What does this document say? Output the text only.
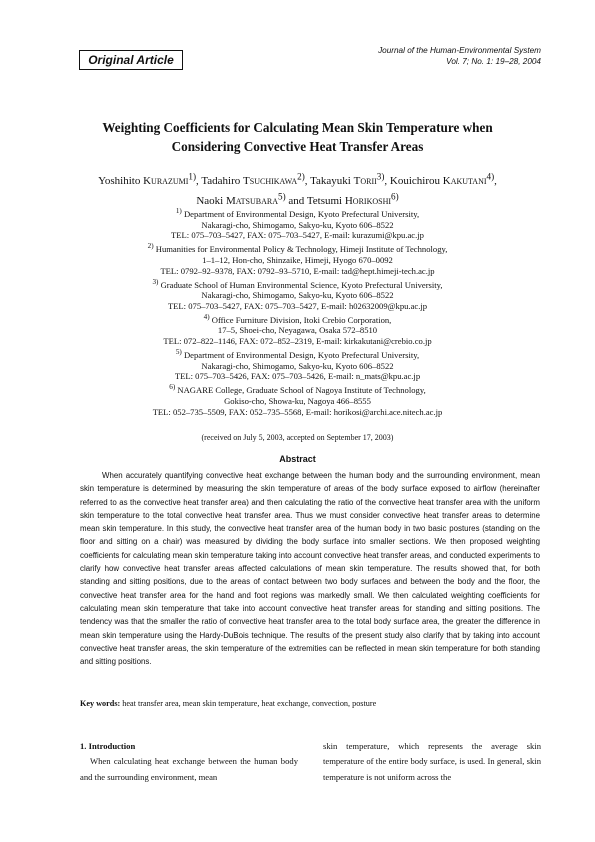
Original Article
Journal of the Human-Environmental System
Vol. 7; No. 1: 19–28, 2004
Weighting Coefficients for Calculating Mean Skin Temperature when
Considering Convective Heat Transfer Areas
Yoshihito Kurazumi$^{1)}$, Tadahiro Tsuchikawa$^{2)}$, Takayuki Torii$^{3)}$, Kouichirou Kakutani$^{4)}$,
Naoki Matsubara$^{5)}$ and Tetsumi Horikoshi$^{6)}$
$^{1)}$ Department of Environmental Design, Kyoto Prefectural University,
Nakaragi-cho, Shimogamo, Sakyo-ku, Kyoto 606–8522
TEL: 075–703–5427, FAX: 075–703–5427, E-mail: kurazumi@kpu.ac.jp
$^{2)}$ Humanities for Environmental Policy & Technology, Himeji Institute of Technology,
1–1–12, Hon-cho, Shinzaike, Himeji, Hyogo 670–0092
TEL: 0792–92–9378, FAX: 0792–93–5710, E-mail: tad@hept.himeji-tech.ac.jp
$^{3)}$ Graduate School of Human Environmental Science, Kyoto Prefectural University,
Nakaragi-cho, Shimogamo, Sakyo-ku, Kyoto 606–8522
TEL: 075–703–5427, FAX: 075–703–5427, E-mail: h02632009@kpu.ac.jp
$^{4)}$ Office Furniture Division, Itoki Crebio Corporation,
17–5, Shoei-cho, Neyagawa, Osaka 572–8510
TEL: 072–822–1146, FAX: 072–852–2319, E-mail: kirkakutani@crebio.co.jp
$^{5)}$ Department of Environmental Design, Kyoto Prefectural University,
Nakaragi-cho, Shimogamo, Sakyo-ku, Kyoto 606–8522
TEL: 075–703–5426, FAX: 075–703–5426, E-mail: n_mats@kpu.ac.jp
$^{6)}$ NAGARE College, Graduate School of Nagoya Institute of Technology,
Gokiso-cho, Showa-ku, Nagoya 466–8555
TEL: 052–735–5509, FAX: 052–735–5568, E-mail: horikosi@archi.ace.nitech.ac.jp
(received on July 5, 2003, accepted on September 17, 2003)
Abstract
When accurately quantifying convective heat exchange between the human body and the surrounding environment, mean skin temperature is determined by measuring the skin temperature of areas of the body surface exposed to airflow (hereinafter referred to as the convective heat transfer area) and then calculating the ratio of the convective heat transfer area with the uniform skin temperature to the total convective heat transfer area. Thus we must consider convective heat transfer areas to determine mean skin temperature. In this study, the convective heat transfer area of the human body in two basic postures (standing on the floor and sitting on a chair) was measured by dividing the body surface into smaller sections. We then proposed weighting coefficients for calculating mean skin temperature taking into account convective heat transfer areas, and conducted experiments to clarify how convective heat transfer areas affected calculations of mean skin temperature. The results showed that, for both standing and sitting positions, due to the areas of contact between two body surfaces and between the body and the floor, the convective heat transfer area for the hand and foot regions was markedly small. We then calculated weighting coefficients for calculating mean skin temperature that take into account convective heat transfer areas for standing and sitting positions. The tendency was that the smaller the ratio of convective heat transfer area to the total body surface area, the greater the difference in mean skin temperature using the Hardy-DuBois technique. The results of the present study also clarify that by taking into account convective heat transfer areas, the skin temperature of the extremities can be reflected in mean skin temperature for both standing and sitting positions.
Key words: heat transfer area, mean skin temperature, heat exchange, convection, posture
1. Introduction
When calculating heat exchange between the human body and the surrounding environment, mean
skin temperature, which represents the average skin temperature of the entire body surface, is used. In general, skin temperature is not uniform across the
